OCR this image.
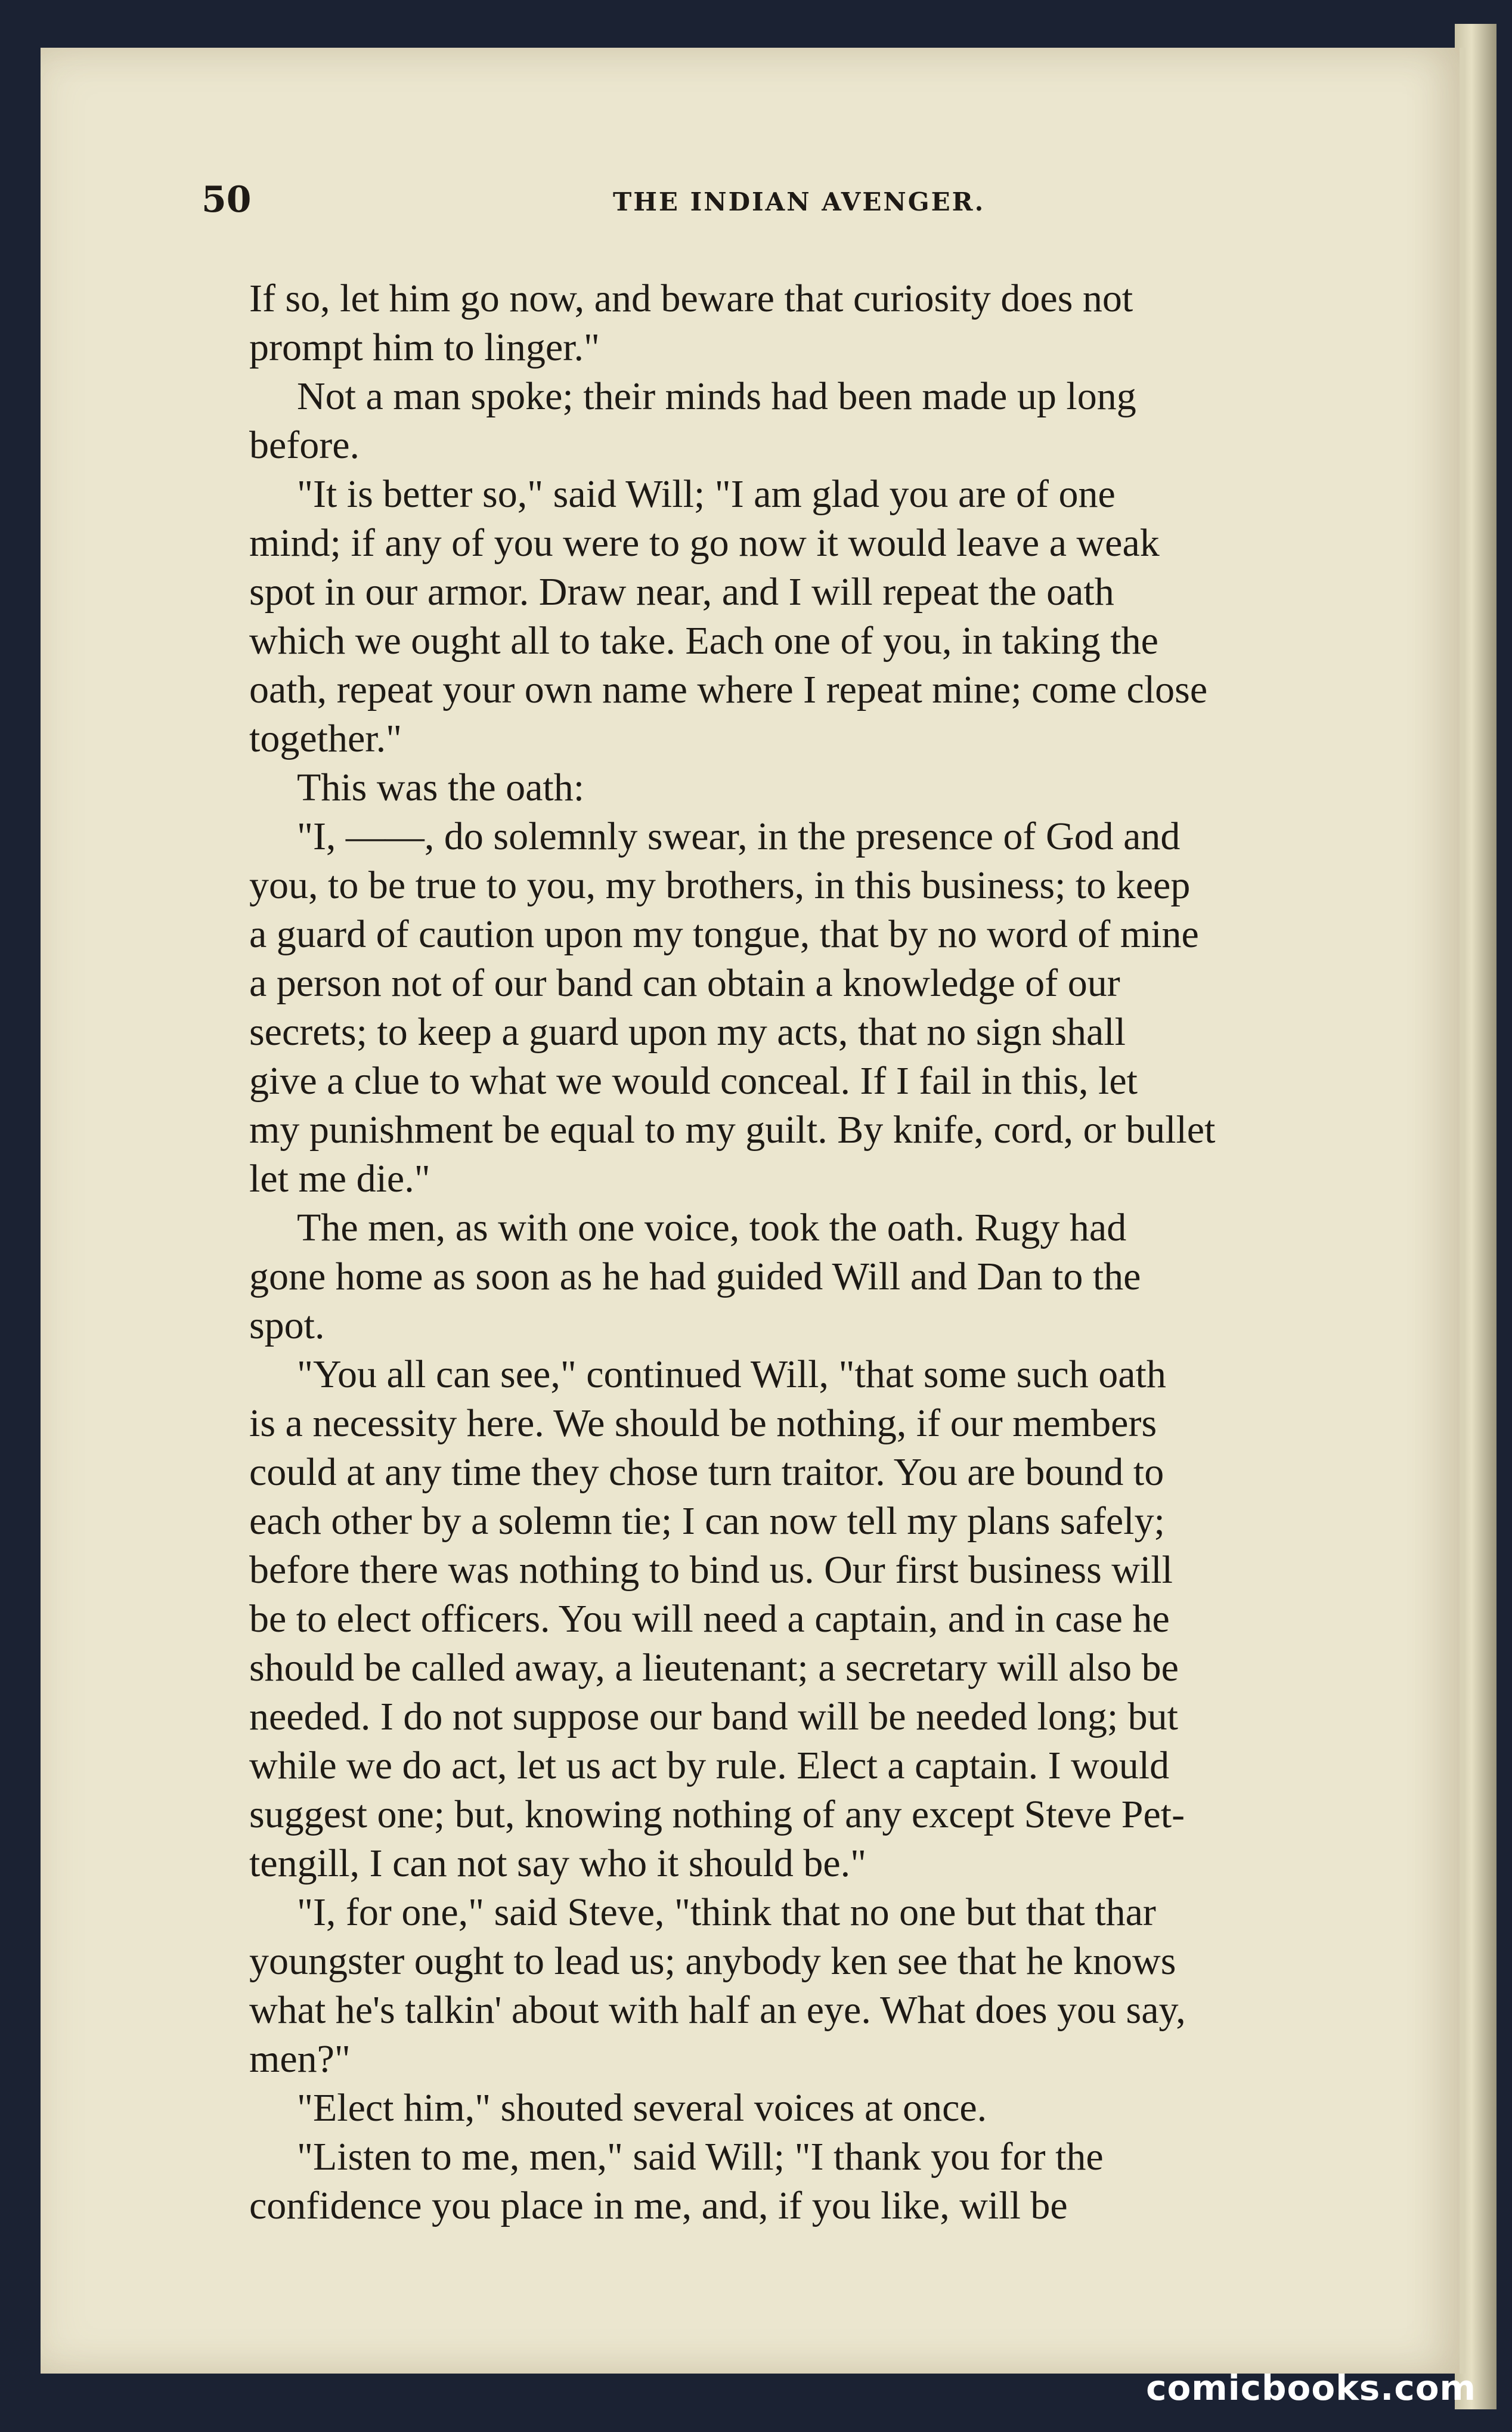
50	THE INDIAN AVENGER.
If so, let him go now, and beware that curiosity does not
prompt him to linger."
Not a man spoke; their minds had been made up long
before.
"It is better so," said Will; "I am glad you are of one
mind; if any of you were to go now it would leave a weak
spot in our armor. Draw near, and I will repeat the oath
which we ought all to take. Each one of you, in taking the
oath, repeat your own name where I repeat mine; come close
together."
This was the oath:
"I, ——, do solemnly swear, in the presence of God and
you, to be true to you, my brothers, in this business; to keep
a guard of caution upon my tongue, that by no word of mine
a person not of our band can obtain a knowledge of our
secrets; to keep a guard upon my acts, that no sign shall
give a clue to what we would conceal. If I fail in this, let
my punishment be equal to my guilt. By knife, cord, or bullet
let me die."
The men, as with one voice, took the oath. Rugy had
gone home as soon as he had guided Will and Dan to the
spot.
"You all can see," continued Will, "that some such oath
is a necessity here. We should be nothing, if our members
could at any time they chose turn traitor. You are bound to
each other by a solemn tie; I can now tell my plans safely;
before there was nothing to bind us. Our first business will
be to elect officers. You will need a captain, and in case he
should be called away, a lieutenant; a secretary will also be
needed. I do not suppose our band will be needed long; but
while we do act, let us act by rule. Elect a captain. I would
suggest one; but, knowing nothing of any except Steve Pet-
tengill, I can not say who it should be."
"I, for one," said Steve, "think that no one but that thar
youngster ought to lead us; anybody ken see that he knows
what he's talkin' about with half an eye. What does you say,
men?"
"Elect him," shouted several voices at once.
"Listen to me, men," said Will; "I thank you for the
confidence you place in me, and, if you like, will be
comicbooks.com
